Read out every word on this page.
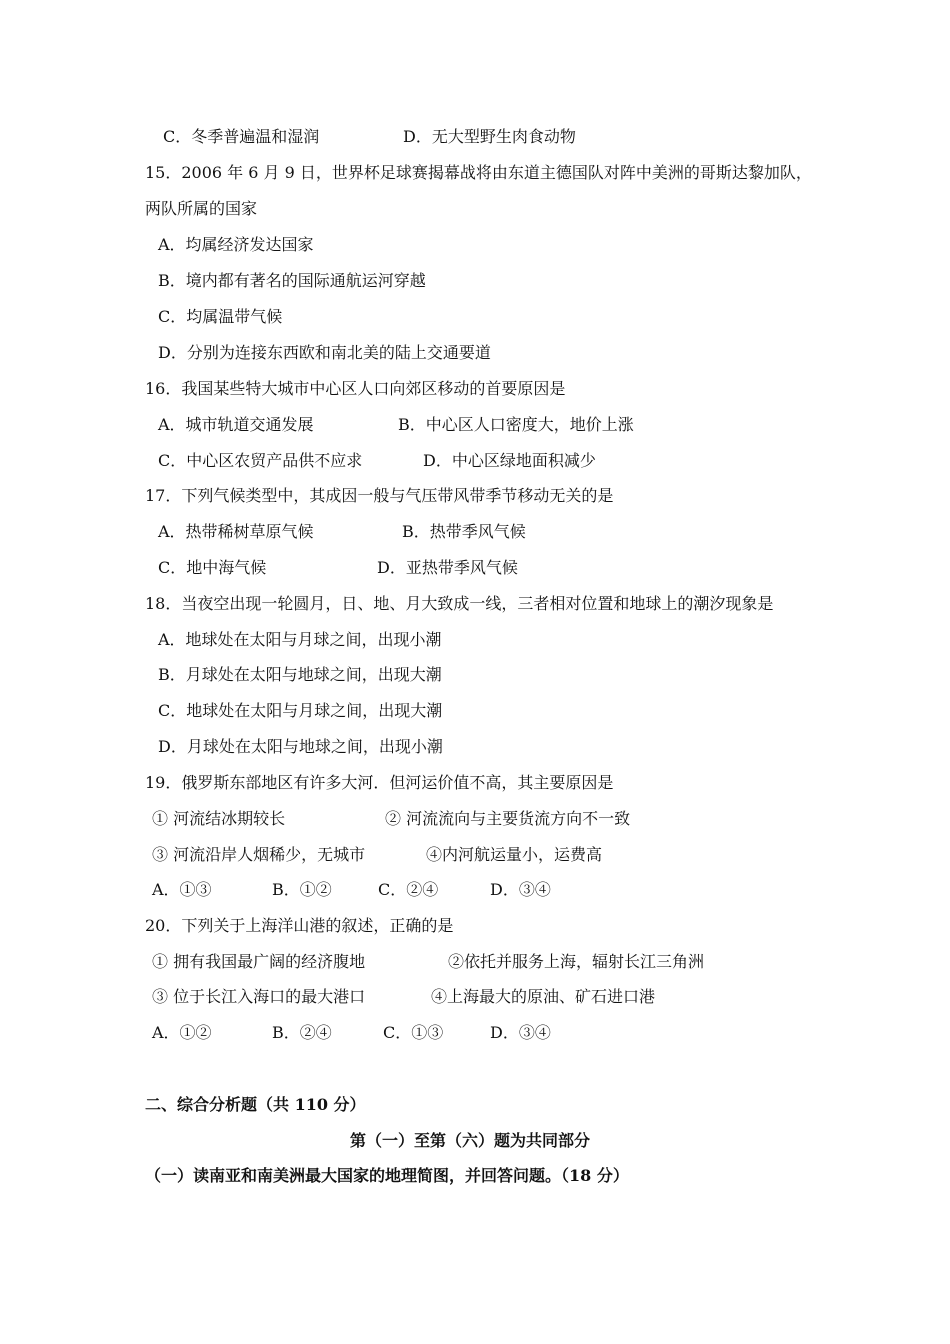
C．冬季普遍温和湿润	D．无大型野生肉食动物
15．2006 年 6 月 9 日，世界杯足球赛揭幕战将由东道主德国队对阵中美洲的哥斯达黎加队，
两队所属的国家
A．均属经济发达国家
B．境内都有著名的国际通航运河穿越
C．均属温带气候
D．分别为连接东西欧和南北美的陆上交通要道
16．我国某些特大城市中心区人口向郊区移动的首要原因是
A．城市轨道交通发展	B．中心区人口密度大，地价上涨
C．中心区农贸产品供不应求	D．中心区绿地面积减少
17．下列气候类型中，其成因一般与气压带风带季节移动无关的是
A．热带稀树草原气候	B．热带季风气候
C．地中海气候	D．亚热带季风气候
18．当夜空出现一轮圆月，日、地、月大致成一线，三者相对位置和地球上的潮汐现象是
A．地球处在太阳与月球之间，出现小潮
B．月球处在太阳与地球之间，出现大潮
C．地球处在太阳与月球之间，出现大潮
D．月球处在太阳与地球之间，出现小潮
19．俄罗斯东部地区有许多大河．但河运价值不高，其主要原因是
① 河流结冰期较长	② 河流流向与主要货流方向不一致
③ 河流沿岸人烟稀少，无城市	④内河航运量小，运费高
A．①③	B．①②	C．②④	D．③④
20．下列关于上海洋山港的叙述，正确的是
① 拥有我国最广阔的经济腹地	②依托并服务上海，辐射长江三角洲
③ 位于长江入海口的最大港口	④上海最大的原油、矿石进口港
A．①②	B．②④	C．①③	D．③④
二、综合分析题（共 110 分）
第（一）至第（六）题为共同部分
（一）读南亚和南美洲最大国家的地理简图，并回答问题。（18 分）
